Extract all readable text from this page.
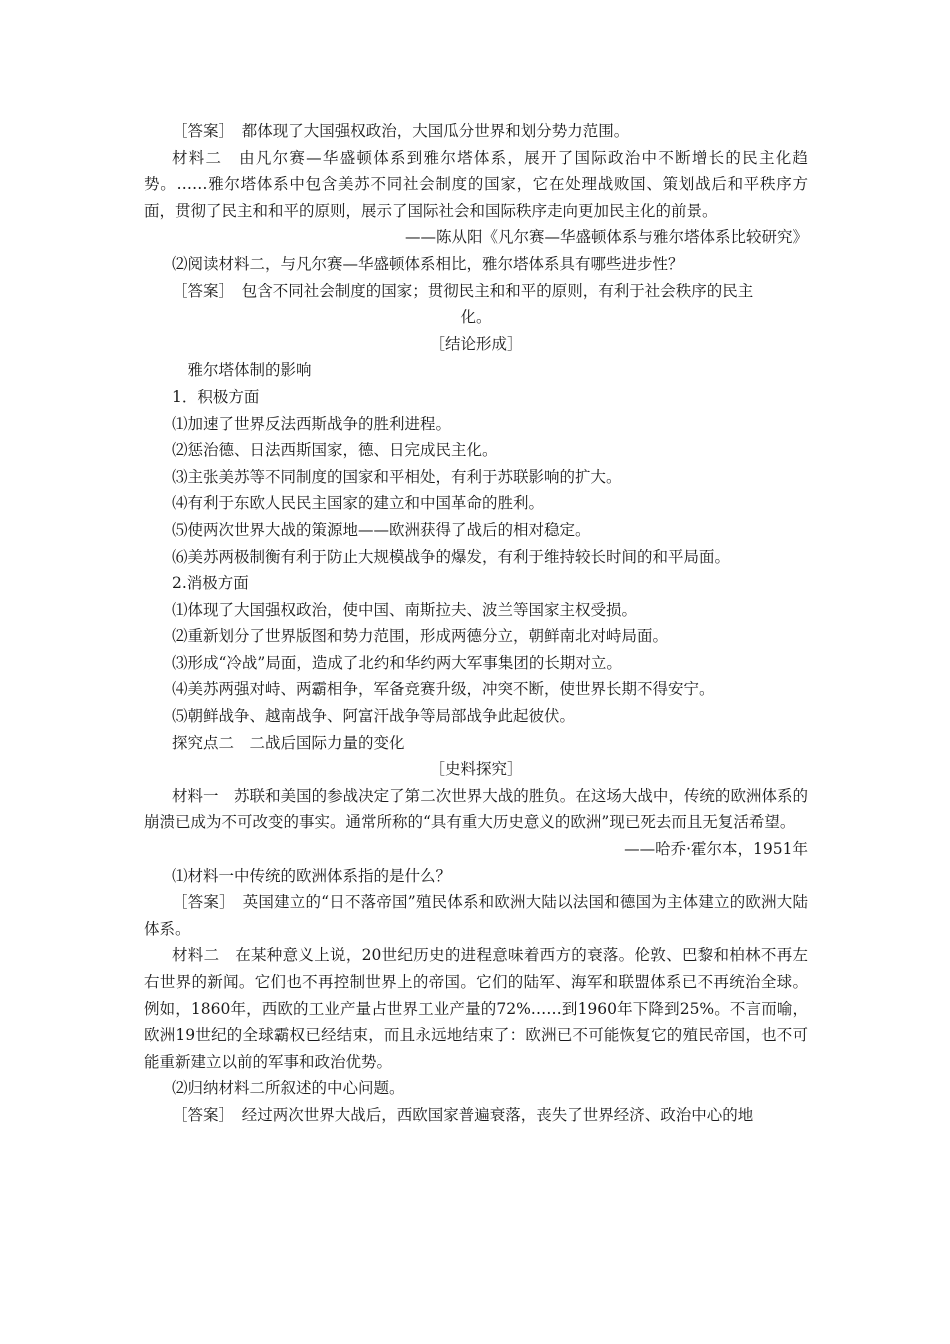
［答案］　都体现了大国强权政治，大国瓜分世界和划分势力范围。
材料二　由凡尔赛—华盛顿体系到雅尔塔体系，展开了国际政治中不断增长的民主化趋势。……雅尔塔体系中包含美苏不同社会制度的国家，它在处理战败国、策划战后和平秩序方面，贯彻了民主和和平的原则，展示了国际社会和国际秩序走向更加民主化的前景。
——陈从阳《凡尔赛—华盛顿体系与雅尔塔体系比较研究》
⑵阅读材料二，与凡尔赛—华盛顿体系相比，雅尔塔体系具有哪些进步性？
［答案］　包含不同社会制度的国家；贯彻民主和和平的原则，有利于社会秩序的民主
化。
［结论形成］
　雅尔塔体制的影响
1．积极方面
⑴加速了世界反法西斯战争的胜利进程。
⑵惩治德、日法西斯国家，德、日完成民主化。
⑶主张美苏等不同制度的国家和平相处，有利于苏联影响的扩大。
⑷有利于东欧人民民主国家的建立和中国革命的胜利。
⑸使两次世界大战的策源地——欧洲获得了战后的相对稳定。
⑹美苏两极制衡有利于防止大规模战争的爆发，有利于维持较长时间的和平局面。
2.消极方面
⑴体现了大国强权政治，使中国、南斯拉夫、波兰等国家主权受损。
⑵重新划分了世界版图和势力范围，形成两德分立，朝鲜南北对峙局面。
⑶形成“冷战”局面，造成了北约和华约两大军事集团的长期对立。
⑷美苏两强对峙、两霸相争，军备竞赛升级，冲突不断，使世界长期不得安宁。
⑸朝鲜战争、越南战争、阿富汗战争等局部战争此起彼伏。
探究点二　二战后国际力量的变化
［史料探究］
材料一　苏联和美国的参战决定了第二次世界大战的胜负。在这场大战中，传统的欧洲体系的崩溃已成为不可改变的事实。通常所称的“具有重大历史意义的欧洲”现已死去而且无复活希望。
——哈乔·霍尔本，1951年
⑴材料一中传统的欧洲体系指的是什么？
［答案］　英国建立的“日不落帝国”殖民体系和欧洲大陆以法国和德国为主体建立的欧洲大陆体系。
材料二　在某种意义上说，20世纪历史的进程意味着西方的衰落。伦敦、巴黎和柏林不再左右世界的新闻。它们也不再控制世界上的帝国。它们的陆军、海军和联盟体系已不再统治全球。例如，1860年，西欧的工业产量占世界工业产量的72%……到1960年下降到25%。不言而喻，欧洲19世纪的全球霸权已经结束，而且永远地结束了：欧洲已不可能恢复它的殖民帝国，也不可能重新建立以前的军事和政治优势。
⑵归纳材料二所叙述的中心问题。
［答案］　经过两次世界大战后，西欧国家普遍衰落，丧失了世界经济、政治中心的地
